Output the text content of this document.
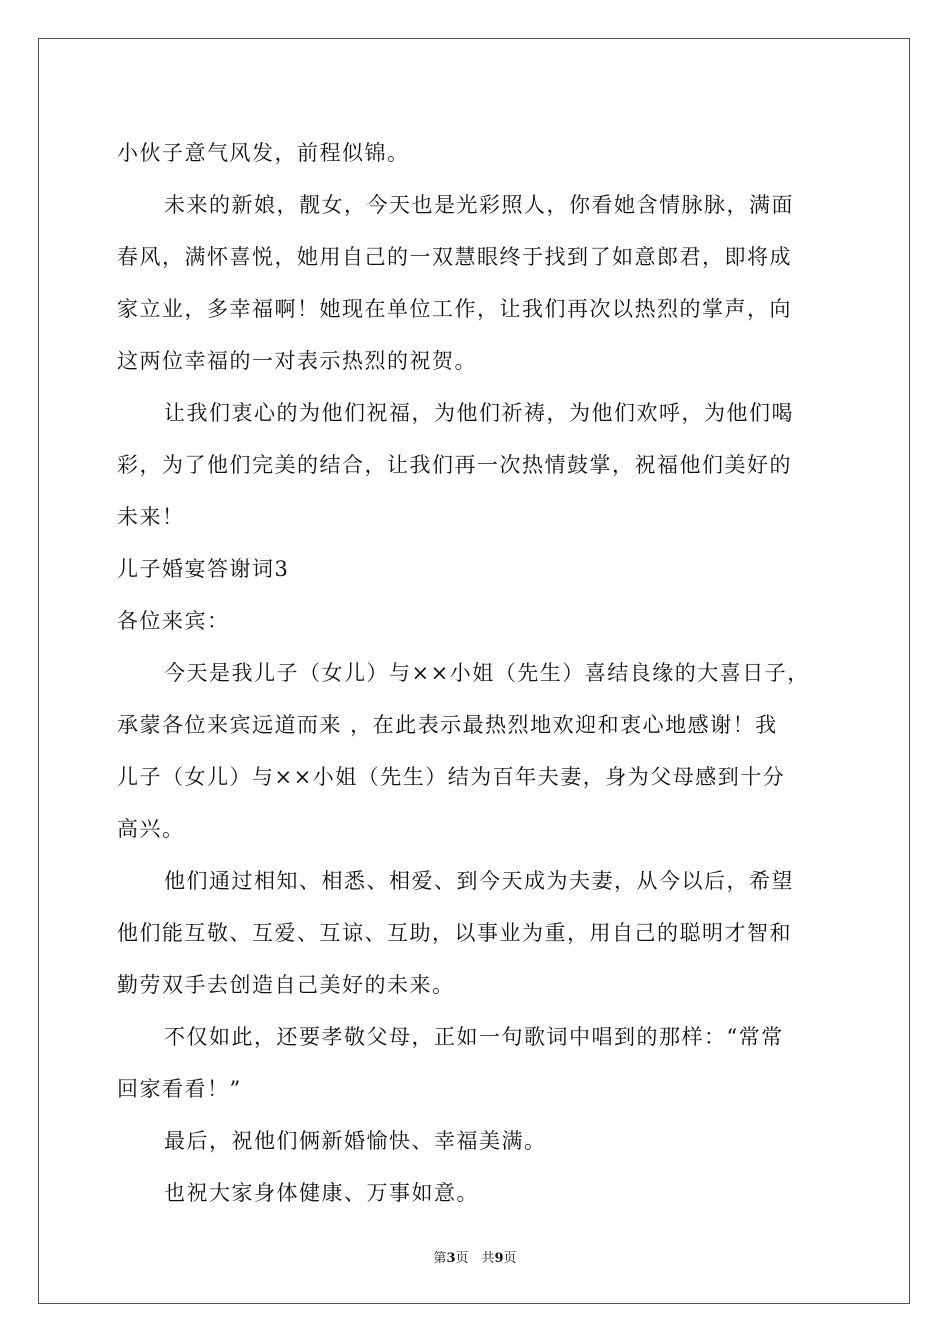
小伙子意气风发，前程似锦。
未来的新娘，靓女，今天也是光彩照人，你看她含情脉脉，满面
春风，满怀喜悦，她用自己的一双慧眼终于找到了如意郎君，即将成
家立业，多幸福啊！她现在单位工作，让我们再次以热烈的掌声，向
这两位幸福的一对表示热烈的祝贺。
让我们衷心的为他们祝福，为他们祈祷，为他们欢呼，为他们喝
彩，为了他们完美的结合，让我们再一次热情鼓掌，祝福他们美好的
未来！
儿子婚宴答谢词3
各位来宾：
今天是我儿子（女儿）与××小姐（先生）喜结良缘的大喜日子，
承蒙各位来宾远道而来 ，在此表示最热烈地欢迎和衷心地感谢！我
儿子（女儿）与××小姐（先生）结为百年夫妻，身为父母感到十分
高兴。
他们通过相知、相悉、相爱、到今天成为夫妻，从今以后，希望
他们能互敬、互爱、互谅、互助，以事业为重，用自己的聪明才智和
勤劳双手去创造自己美好的未来。
不仅如此，还要孝敬父母，正如一句歌词中唱到的那样：“常常
回家看看！”
最后，祝他们俩新婚愉快、幸福美满。
也祝大家身体健康、万事如意。
第3页　共9页
